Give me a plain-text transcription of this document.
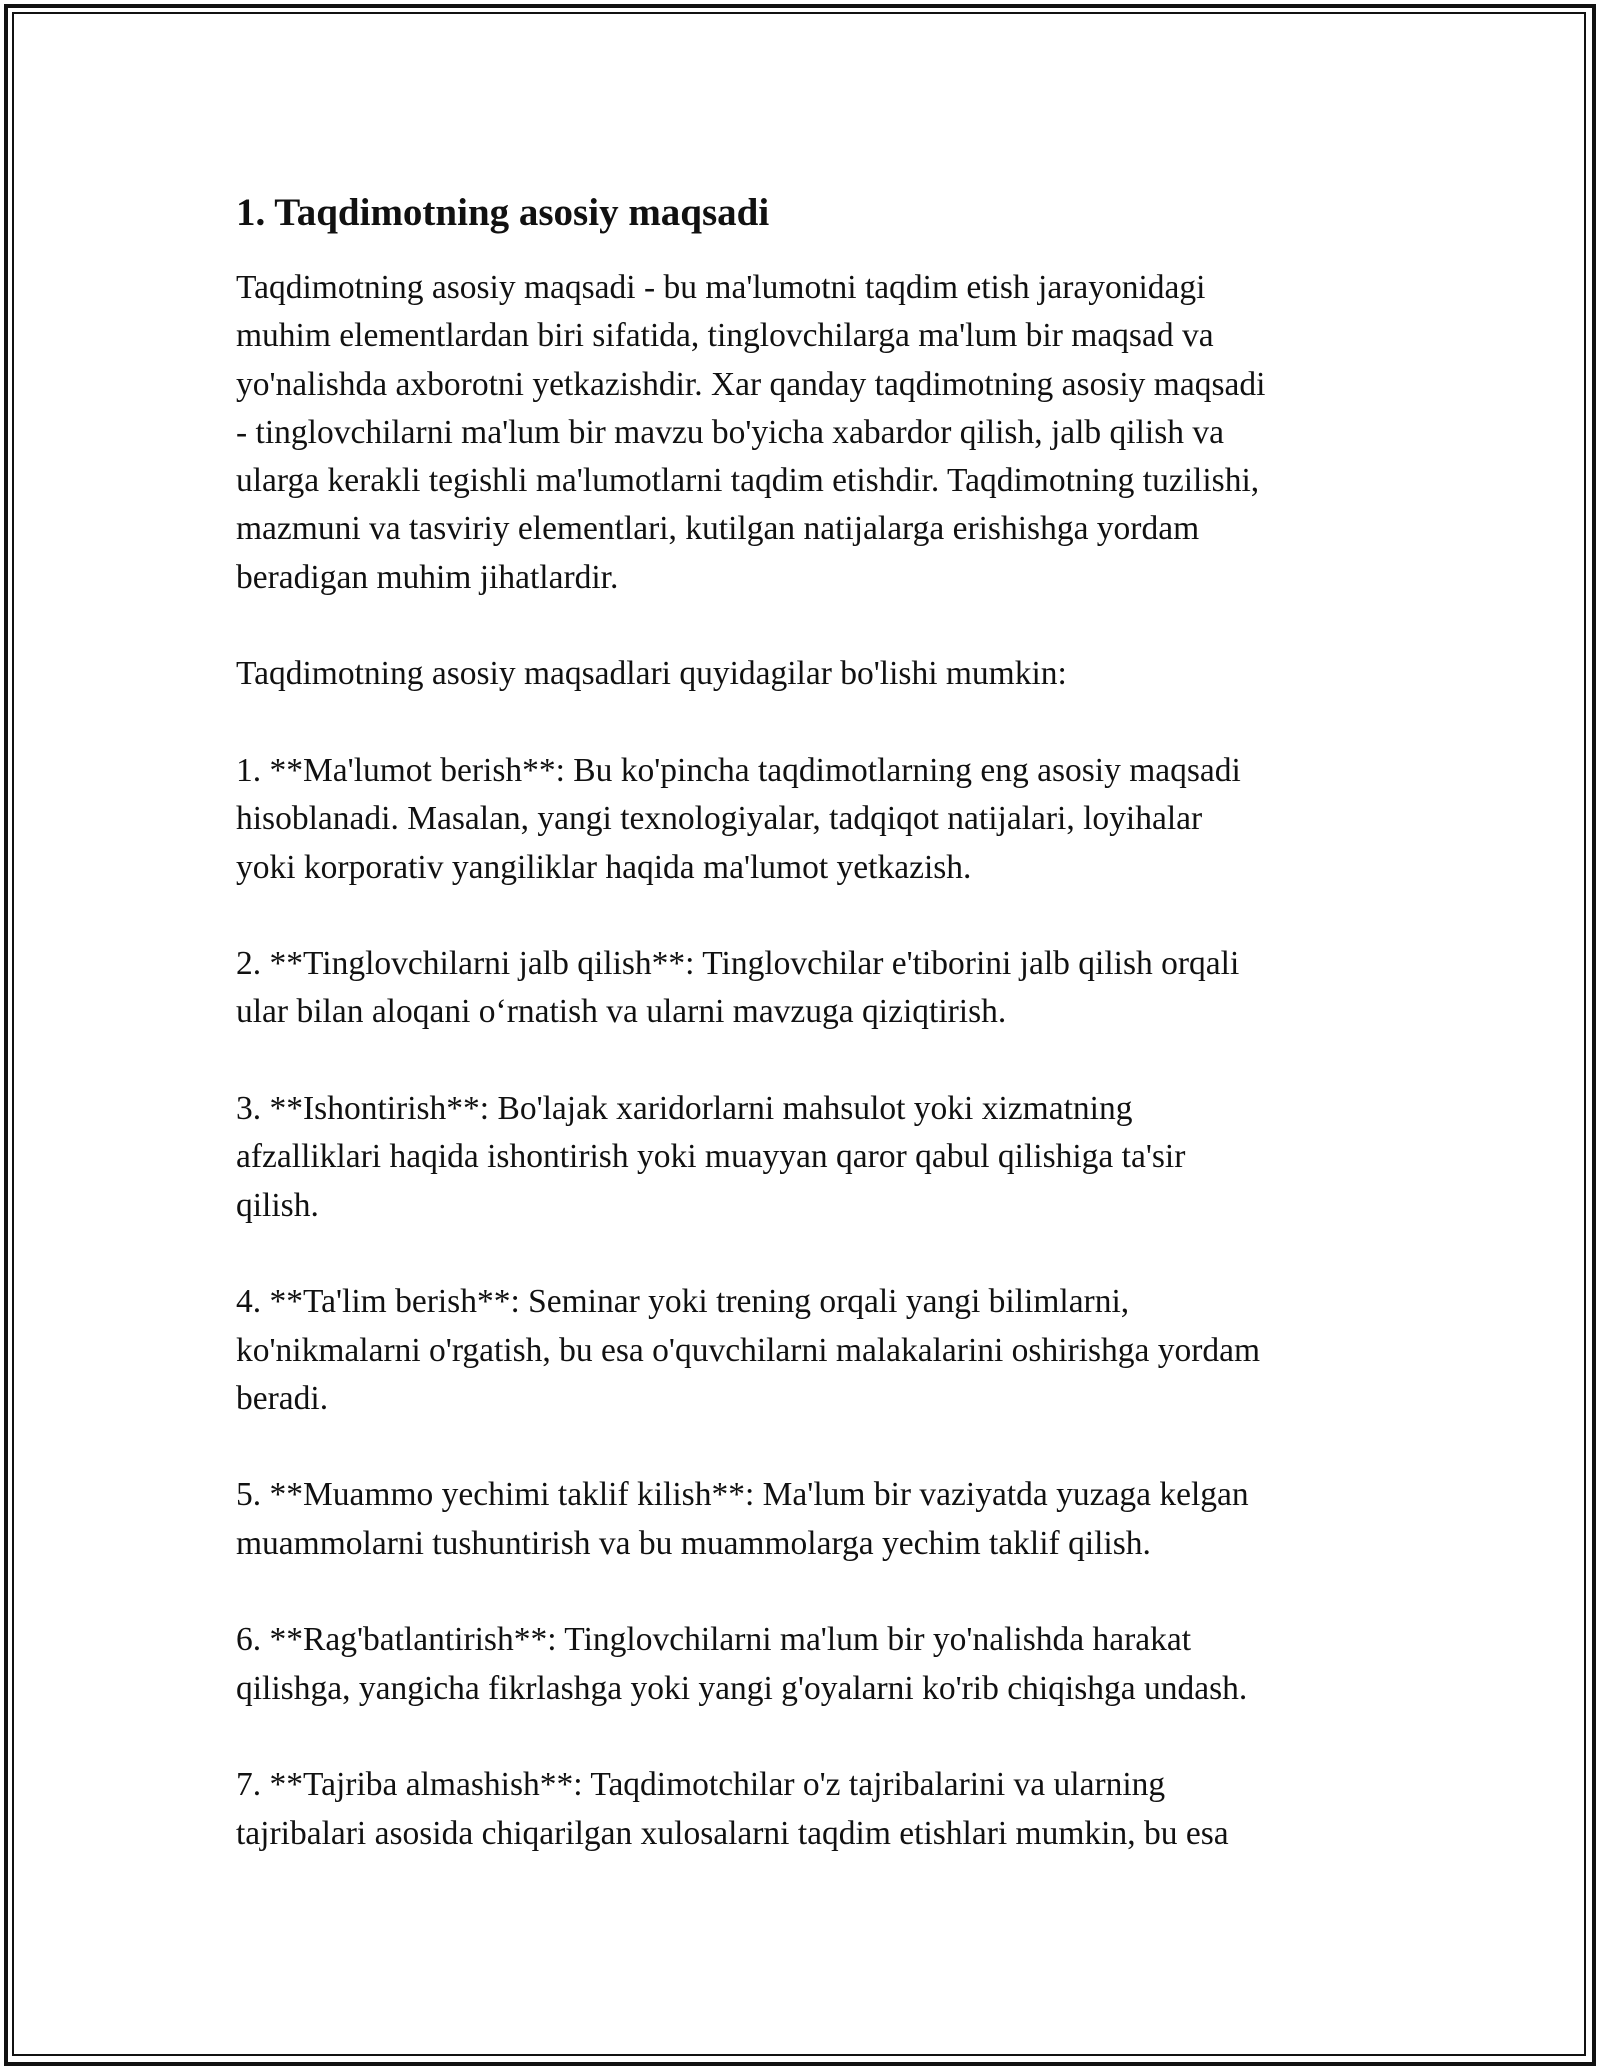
1. Taqdimotning asosiy maqsadi

Taqdimotning asosiy maqsadi - bu ma'lumotni taqdim etish jarayonidagi
muhim elementlardan biri sifatida, tinglovchilarga ma'lum bir maqsad va
yo'nalishda axborotni yetkazishdir. Xar qanday taqdimotning asosiy maqsadi
- tinglovchilarni ma'lum bir mavzu bo'yicha xabardor qilish, jalb qilish va
ularga kerakli tegishli ma'lumotlarni taqdim etishdir. Taqdimotning tuzilishi,
mazmuni va tasviriy elementlari, kutilgan natijalarga erishishga yordam
beradigan muhim jihatlardir.

Taqdimotning asosiy maqsadlari quyidagilar bo'lishi mumkin:

1. **Ma'lumot berish**: Bu ko'pincha taqdimotlarning eng asosiy maqsadi
hisoblanadi. Masalan, yangi texnologiyalar, tadqiqot natijalari, loyihalar
yoki korporativ yangiliklar haqida ma'lumot yetkazish.

2. **Tinglovchilarni jalb qilish**: Tinglovchilar e'tiborini jalb qilish orqali
ular bilan aloqani o‘rnatish va ularni mavzuga qiziqtirish.

3. **Ishontirish**: Bo'lajak xaridorlarni mahsulot yoki xizmatning
afzalliklari haqida ishontirish yoki muayyan qaror qabul qilishiga ta'sir
qilish.

4. **Ta'lim berish**: Seminar yoki trening orqali yangi bilimlarni,
ko'nikmalarni o'rgatish, bu esa o'quvchilarni malakalarini oshirishga yordam
beradi.

5. **Muammo yechimi taklif kilish**: Ma'lum bir vaziyatda yuzaga kelgan
muammolarni tushuntirish va bu muammolarga yechim taklif qilish.

6. **Rag'batlantirish**: Tinglovchilarni ma'lum bir yo'nalishda harakat
qilishga, yangicha fikrlashga yoki yangi g'oyalarni ko'rib chiqishga undash.

7. **Tajriba almashish**: Taqdimotchilar o'z tajribalarini va ularning
tajribalari asosida chiqarilgan xulosalarni taqdim etishlari mumkin, bu esa
